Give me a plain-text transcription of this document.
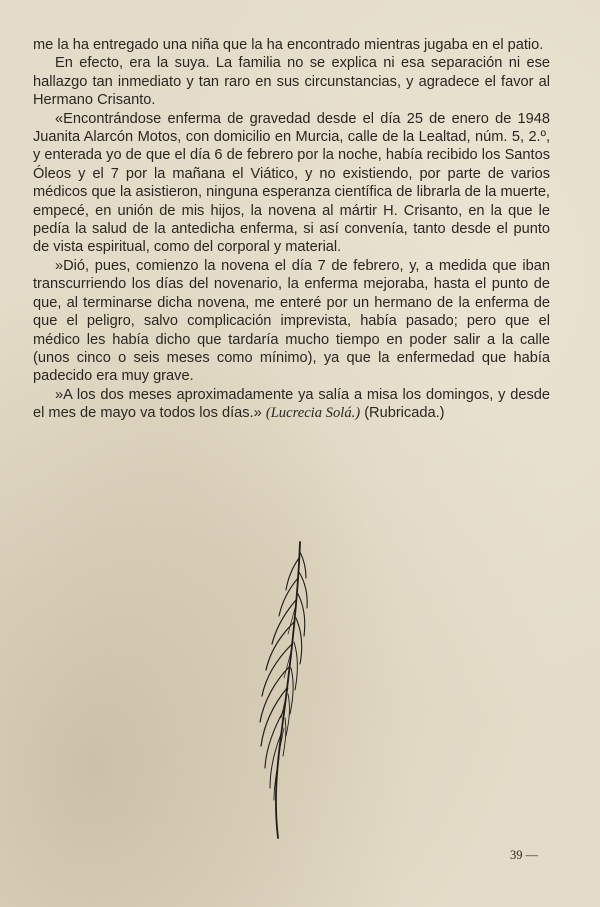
me la ha entregado una niña que la ha encontrado mientras jugaba en el patio.

En efecto, era la suya. La familia no se explica ni esa separación ni ese hallazgo tan inmediato y tan raro en sus circunstancias, y agradece el favor al Hermano Crisanto.

«Encontrándose enferma de gravedad desde el día 25 de enero de 1948 Juanita Alarcón Motos, con domicilio en Murcia, calle de la Lealtad, núm. 5, 2.º, y enterada yo de que el día 6 de febrero por la noche, había recibido los Santos Óleos y el 7 por la mañana el Viático, y no existiendo, por parte de varios médicos que la asistieron, ninguna esperanza científica de librarla de la muerte, empecé, en unión de mis hijos, la novena al mártir H. Crisanto, en la que le pedía la salud de la antedicha enferma, si así convenía, tanto desde el punto de vista espiritual, como del corporal y material.

»Dió, pues, comienzo la novena el día 7 de febrero, y, a medida que iban transcurriendo los días del novenario, la enferma mejoraba, hasta el punto de que, al terminarse dicha novena, me enteré por un hermano de la enferma de que el peligro, salvo complicación imprevista, había pasado; pero que el médico les había dicho que tardaría mucho tiempo en poder salir a la calle (unos cinco o seis meses como mínimo), ya que la enfermedad que había padecido era muy grave.

»A los dos meses aproximadamente ya salía a misa los domingos, y desde el mes de mayo va todos los días.» (Lucrecia Solá.) (Rubricada.)

39 —
